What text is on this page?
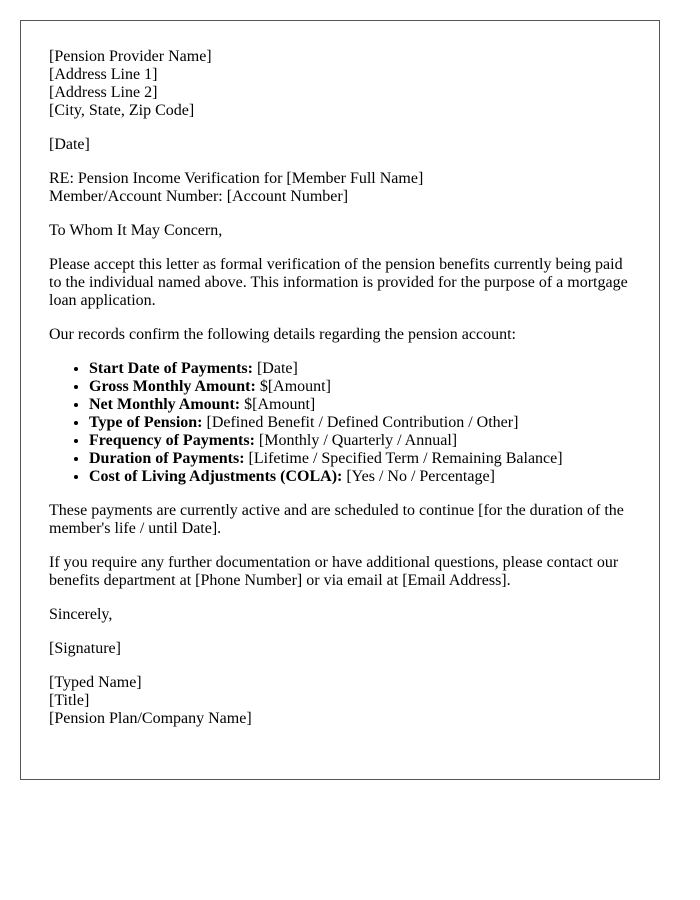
[Pension Provider Name]
[Address Line 1]
[Address Line 2]
[City, State, Zip Code]

[Date]

RE: Pension Income Verification for [Member Full Name]
Member/Account Number: [Account Number]

To Whom It May Concern,

Please accept this letter as formal verification of the pension benefits currently being paid to the individual named above. This information is provided for the purpose of a mortgage loan application.

Our records confirm the following details regarding the pension account:

• Start Date of Payments: [Date]
• Gross Monthly Amount: $[Amount]
• Net Monthly Amount: $[Amount]
• Type of Pension: [Defined Benefit / Defined Contribution / Other]
• Frequency of Payments: [Monthly / Quarterly / Annual]
• Duration of Payments: [Lifetime / Specified Term / Remaining Balance]
• Cost of Living Adjustments (COLA): [Yes / No / Percentage]

These payments are currently active and are scheduled to continue [for the duration of the member's life / until Date].

If you require any further documentation or have additional questions, please contact our benefits department at [Phone Number] or via email at [Email Address].

Sincerely,

[Signature]

[Typed Name]
[Title]
[Pension Plan/Company Name]
